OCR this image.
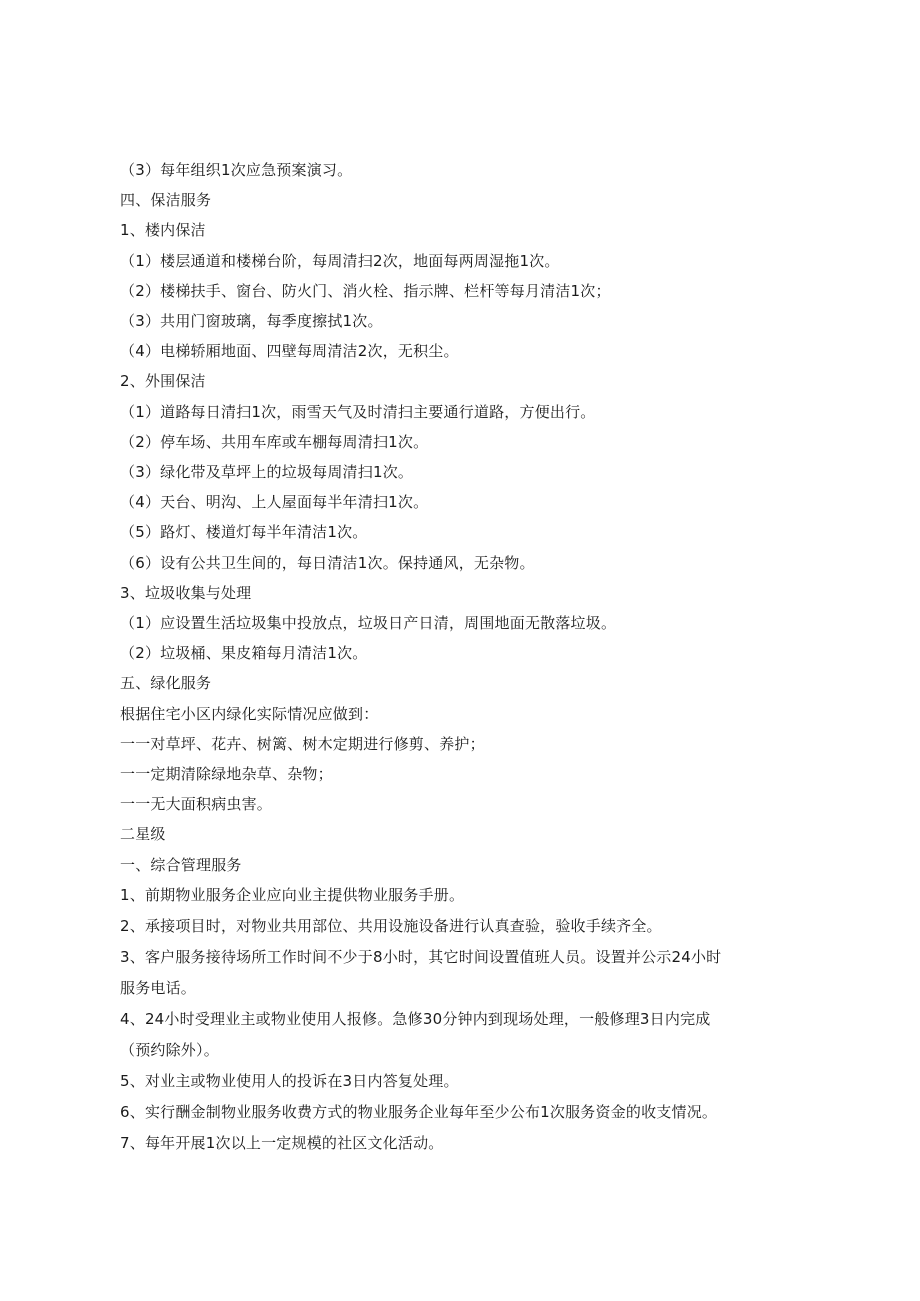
（3）每年组织1次应急预案演习。
四、保洁服务
1、楼内保洁
（1）楼层通道和楼梯台阶，每周清扫2次，地面每两周湿拖1次。
（2）楼梯扶手、窗台、防火门、消火栓、指示牌、栏杆等每月清洁1次；
（3）共用门窗玻璃，每季度擦拭1次。
（4）电梯轿厢地面、四壁每周清洁2次，无积尘。
2、外围保洁
（1）道路每日清扫1次，雨雪天气及时清扫主要通行道路，方便出行。
（2）停车场、共用车库或车棚每周清扫1次。
（3）绿化带及草坪上的垃圾每周清扫1次。
（4）天台、明沟、上人屋面每半年清扫1次。
（5）路灯、楼道灯每半年清洁1次。
（6）设有公共卫生间的，每日清洁1次。保持通风，无杂物。
3、垃圾收集与处理
（1）应设置生活垃圾集中投放点，垃圾日产日清，周围地面无散落垃圾。
（2）垃圾桶、果皮箱每月清洁1次。
五、绿化服务
根据住宅小区内绿化实际情况应做到：
一一对草坪、花卉、树篱、树木定期进行修剪、养护；
一一定期清除绿地杂草、杂物；
一一无大面积病虫害。
二星级
一、综合管理服务
1、前期物业服务企业应向业主提供物业服务手册。
2、承接项目时，对物业共用部位、共用设施设备进行认真查验，验收手续齐全。
3、客户服务接待场所工作时间不少于8小时，其它时间设置值班人员。设置并公示24小时
服务电话。
4、24小时受理业主或物业使用人报修。急修30分钟内到现场处理，一般修理3日内完成
（预约除外）。
5、对业主或物业使用人的投诉在3日内答复处理。
6、实行酬金制物业服务收费方式的物业服务企业每年至少公布1次服务资金的收支情况。
7、每年开展1次以上一定规模的社区文化活动。
